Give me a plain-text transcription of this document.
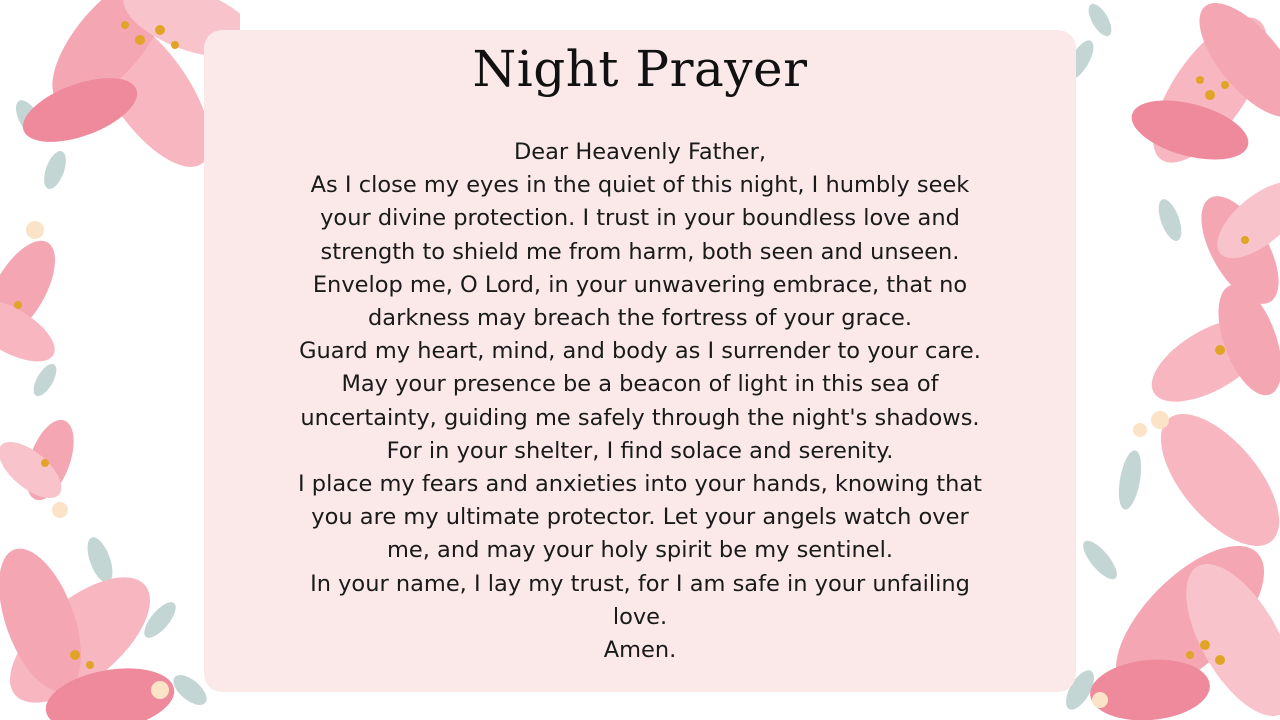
Night Prayer
Dear Heavenly Father,
As I close my eyes in the quiet of this night, I humbly seek
your divine protection. I trust in your boundless love and
strength to shield me from harm, both seen and unseen.
Envelop me, O Lord, in your unwavering embrace, that no
darkness may breach the fortress of your grace.
Guard my heart, mind, and body as I surrender to your care.
May your presence be a beacon of light in this sea of
uncertainty, guiding me safely through the night's shadows.
For in your shelter, I find solace and serenity.
I place my fears and anxieties into your hands, knowing that
you are my ultimate protector. Let your angels watch over
me, and may your holy spirit be my sentinel.
In your name, I lay my trust, for I am safe in your unfailing
love.
Amen.
